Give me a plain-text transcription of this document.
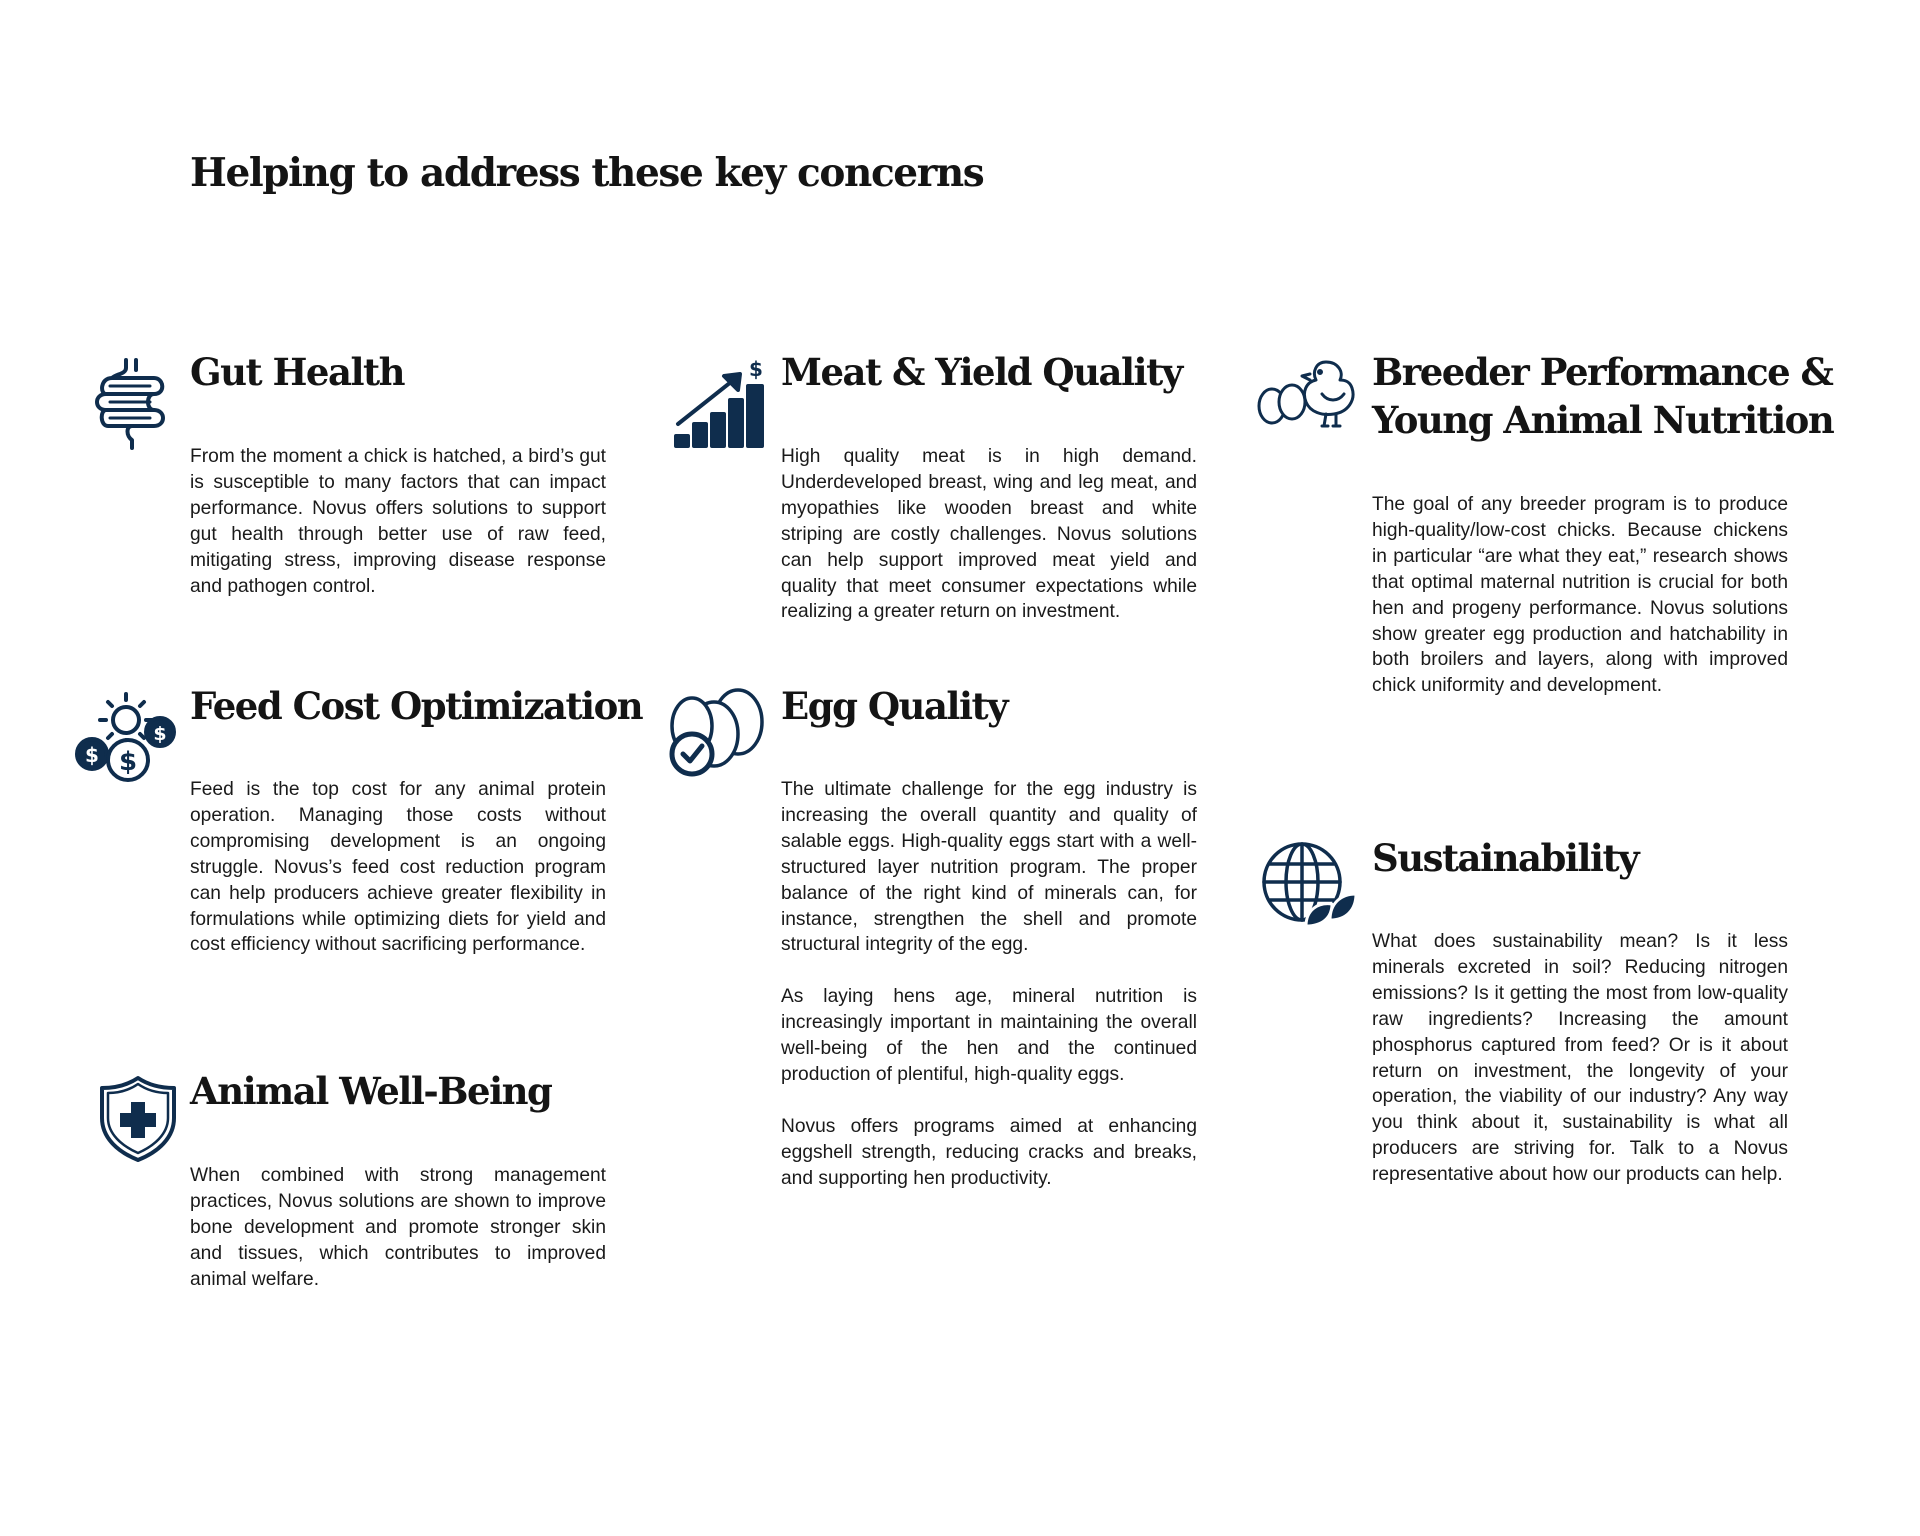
Helping to address these key concerns
Gut Health

From the moment a chick is hatched, a bird’s gut is susceptible to many factors that can impact performance. Novus offers solutions to support gut health through better use of raw feed, mitigating stress, improving disease response and pathogen control.

$
$
$
Feed Cost Optimization

Feed is the top cost for any animal protein operation. Managing those costs without compromising development is an ongoing struggle. Novus’s feed cost reduction program can help producers achieve greater flexibility in formulations while optimizing diets for yield and cost efficiency without sacrificing performance.

Animal Well-Being

When combined with strong management practices, Novus solutions are shown to improve bone development and promote stronger skin and tissues, which contributes to improved animal welfare.

$ Meat & Yield Quality

High quality meat is in high demand. Underdeveloped breast, wing and leg meat, and myopathies like wooden breast and white striping are costly challenges. Novus solutions can help support improved meat yield and quality that meet consumer expectations while realizing a greater return on investment.

Egg Quality

The ultimate challenge for the egg industry is increasing the overall quantity and quality of salable eggs. High-quality eggs start with a well-structured layer nutrition program. The proper balance of the right kind of minerals can, for instance, strengthen the shell and promote structural integrity of the egg.

As laying hens age, mineral nutrition is increasingly important in maintaining the overall well-being of the hen and the continued production of plentiful, high-quality eggs.

Novus offers programs aimed at enhancing eggshell strength, reducing cracks and breaks, and supporting hen productivity.

Breeder Performance &
Young Animal Nutrition

The goal of any breeder program is to produce high-quality/low-cost chicks. Because chickens in particular “are what they eat,” research shows that optimal maternal nutrition is crucial for both hen and progeny performance. Novus solutions show greater egg production and hatchability in both broilers and layers, along with improved chick uniformity and development.

Sustainability

What does sustainability mean? Is it less minerals excreted in soil? Reducing nitrogen emissions? Is it getting the most from low-quality raw ingredients? Increasing the amount phosphorus captured from feed? Or is it about return on investment, the longevity of your operation, the viability of our industry? Any way you think about it, sustainability is what all producers are striving for. Talk to a Novus representative about how our products can help.
